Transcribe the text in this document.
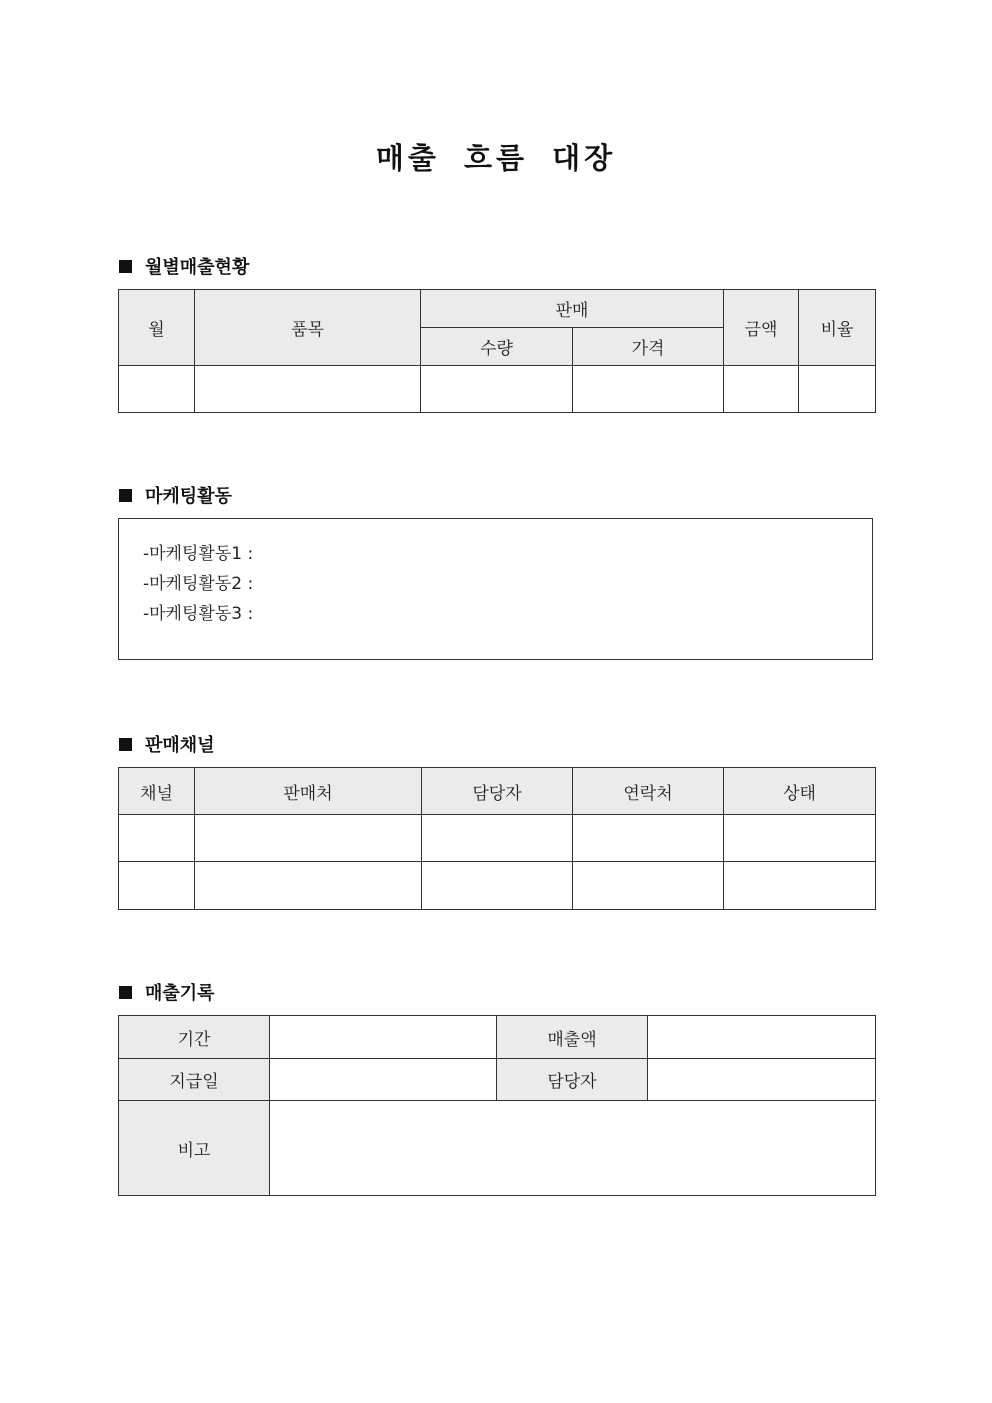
매출 흐름 대장
월별매출현황
월	품목	판매		금액	비율
		수량	가격		

마케팅활동
-마케팅활동1 :
-마케팅활동2 :
-마케팅활동3 :
판매채널
채널	판매처	담당자	연락처	상태

매출기록
기간		매출액	
지급일		담당자	
비고			
